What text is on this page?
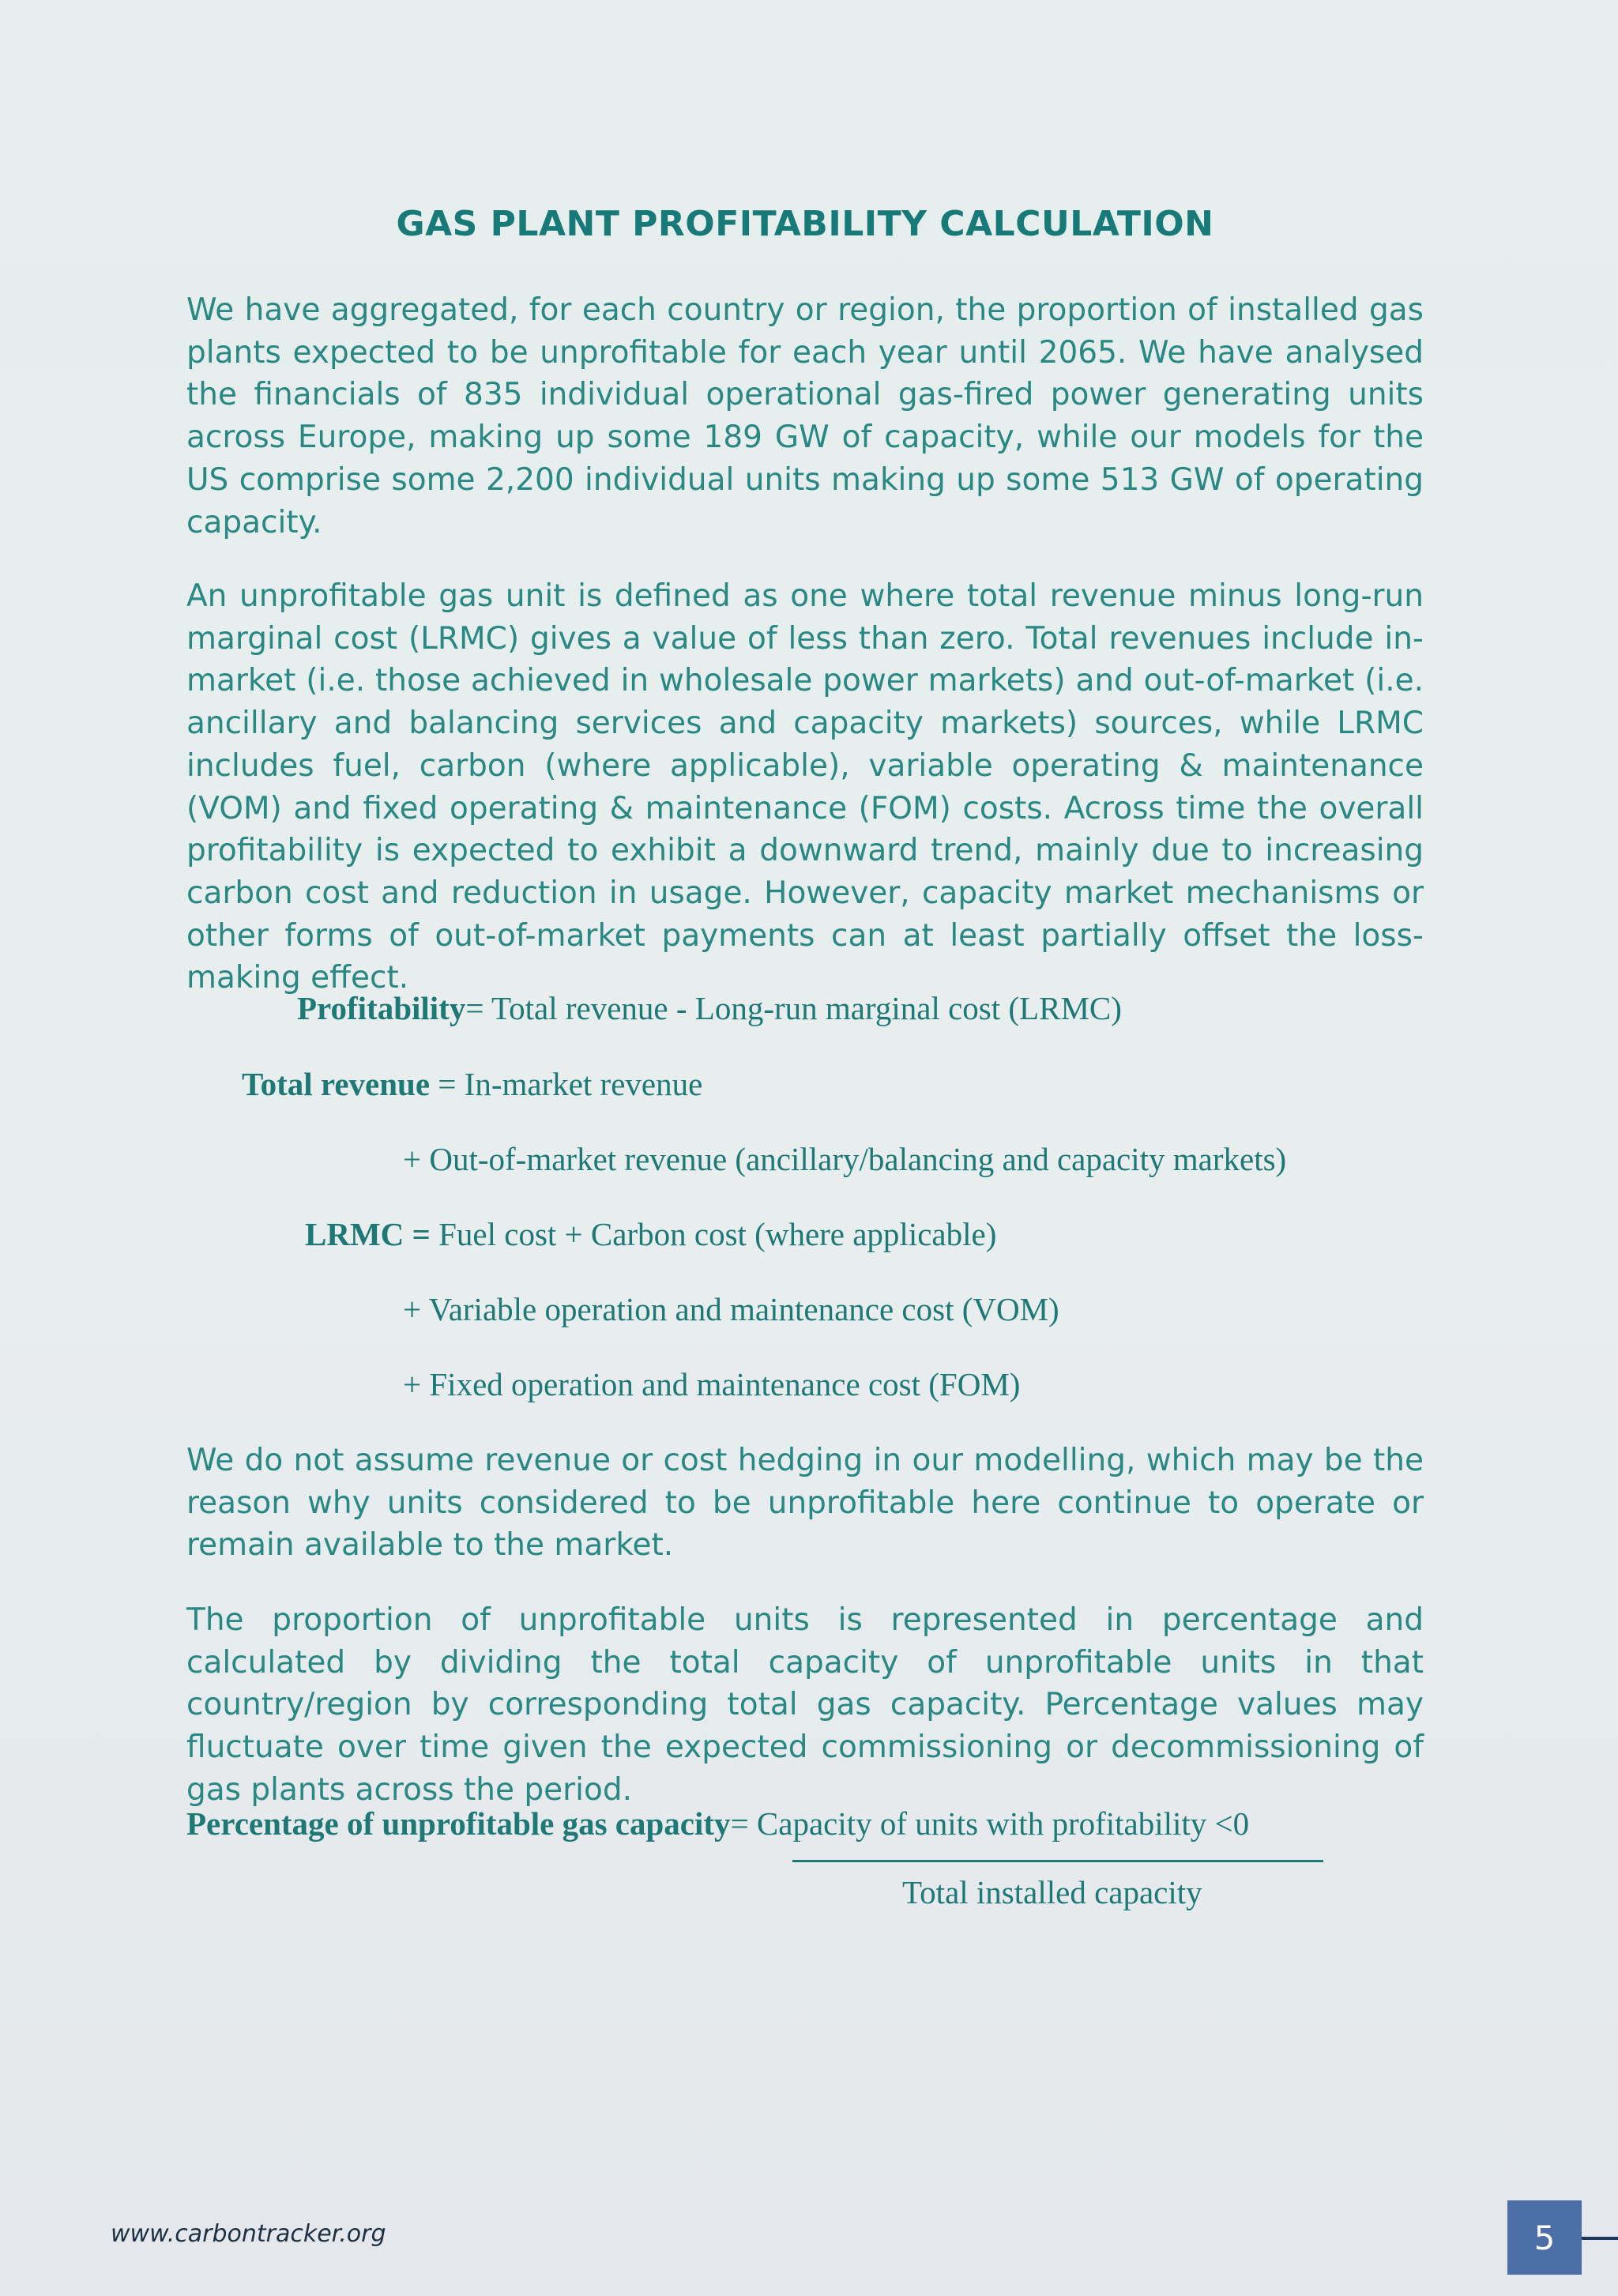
GAS PLANT PROFITABILITY CALCULATION

We have aggregated, for each country or region, the proportion of installed gas plants expected to be unprofitable for each year until 2065. We have analysed the financials of 835 individual operational gas-fired power generating units across Europe, making up some 189 GW of capacity, while our models for the US comprise some 2,200 individual units making up some 513 GW of operating capacity.

An unprofitable gas unit is defined as one where total revenue minus long-run marginal cost (LRMC) gives a value of less than zero. Total revenues include in-market (i.e. those achieved in wholesale power markets) and out-of-market (i.e. ancillary and balancing services and capacity markets) sources, while LRMC includes fuel, carbon (where applicable), variable operating & maintenance (VOM) and fixed operating & maintenance (FOM) costs. Across time the overall profitability is expected to exhibit a downward trend, mainly due to increasing carbon cost and reduction in usage. However, capacity market mechanisms or other forms of out-of-market payments can at least partially offset the loss-making effect.

Profitability= Total revenue - Long-run marginal cost (LRMC)

Total revenue = In-market revenue

+ Out-of-market revenue (ancillary/balancing and capacity markets)

LRMC = Fuel cost + Carbon cost (where applicable)

+ Variable operation and maintenance cost (VOM)

+ Fixed operation and maintenance cost (FOM)

We do not assume revenue or cost hedging in our modelling, which may be the reason why units considered to be unprofitable here continue to operate or remain available to the market.

The proportion of unprofitable units is represented in percentage and calculated by dividing the total capacity of unprofitable units in that country/region by corresponding total gas capacity. Percentage values may fluctuate over time given the expected commissioning or decommissioning of gas plants across the period.

Percentage of unprofitable gas capacity= Capacity of units with profitability <0

Total installed capacity

www.carbontracker.org	5
